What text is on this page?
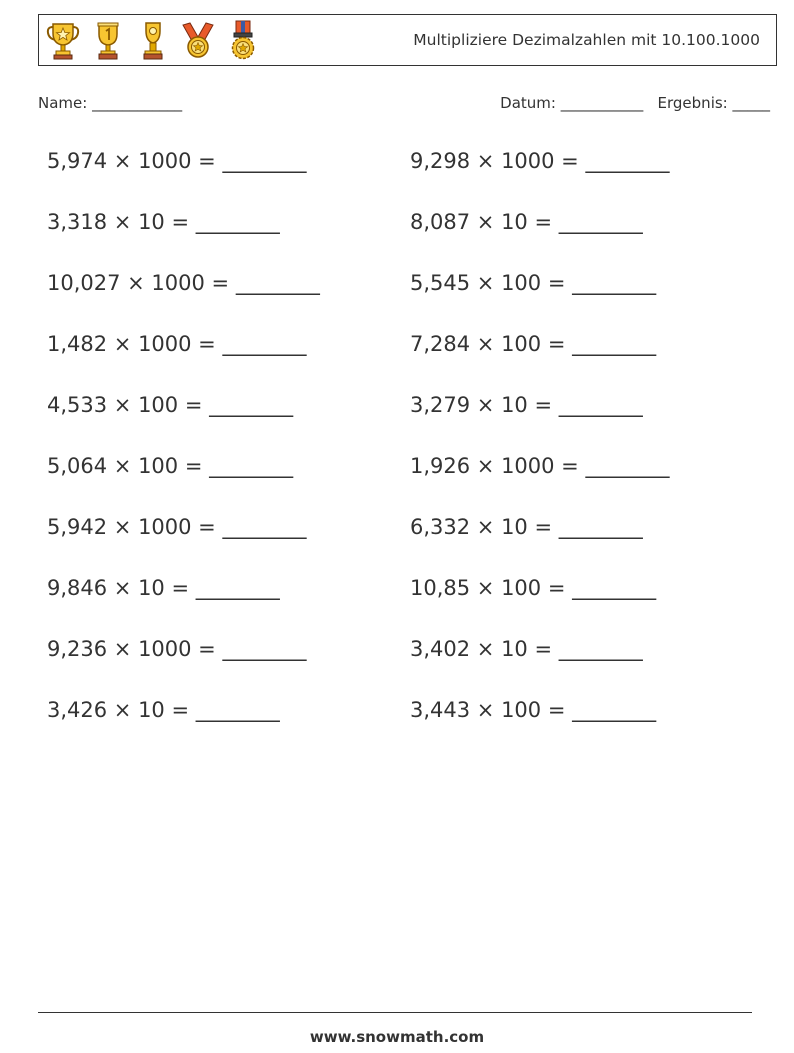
Multipliziere Dezimalzahlen mit 10.100.1000
Name: ____________	Datum: ___________ Ergebnis: _____
5,974 × 1000 = ________	9,298 × 1000 = ________
3,318 × 10 = ________	8,087 × 10 = ________
10,027 × 1000 = ________	5,545 × 100 = ________
1,482 × 1000 = ________	7,284 × 100 = ________
4,533 × 100 = ________	3,279 × 10 = ________
5,064 × 100 = ________	1,926 × 1000 = ________
5,942 × 1000 = ________	6,332 × 10 = ________
9,846 × 10 = ________	10,85 × 100 = ________
9,236 × 1000 = ________	3,402 × 10 = ________
3,426 × 10 = ________	3,443 × 100 = ________
www.snowmath.com
